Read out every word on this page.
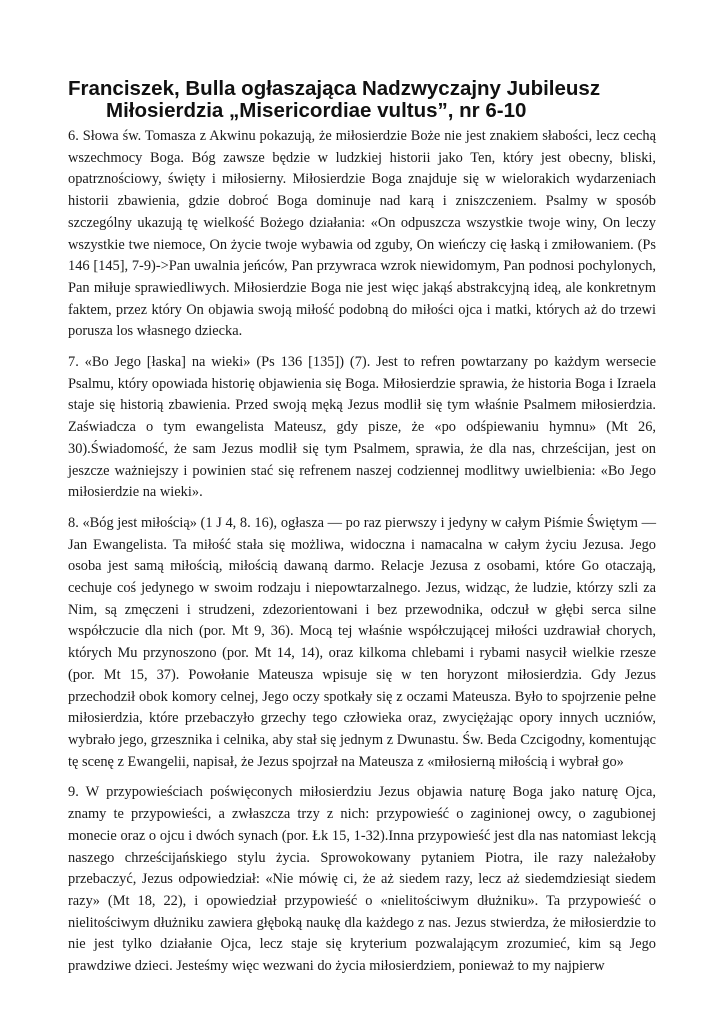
Franciszek, Bulla ogłaszająca Nadzwyczajny Jubileusz
Miłosierdzia „Misericordiae vultus”, nr 6-10

6. Słowa św. Tomasza z Akwinu pokazują, że miłosierdzie Boże nie jest znakiem słabości, lecz cechą wszechmocy Boga. Bóg zawsze będzie w ludzkiej historii jako Ten, który jest obecny, bliski, opatrznościowy, święty i miłosierny. Miłosierdzie Boga znajduje się w wielorakich wydarzeniach historii zbawienia, gdzie dobroć Boga dominuje nad karą i zniszczeniem. Psalmy w sposób szczególny ukazują tę wielkość Bożego działania: «On odpuszcza wszystkie twoje winy, On leczy wszystkie twe niemoce, On życie twoje wybawia od zguby, On wieńczy cię łaską i zmiłowaniem. (Ps 146 [145], 7-9)->Pan uwalnia jeńców, Pan przywraca wzrok niewidomym, Pan podnosi pochylonych, Pan miłuje sprawiedliwych. Miłosierdzie Boga nie jest więc jakąś abstrakcyjną ideą, ale konkretnym faktem, przez który On objawia swoją miłość podobną do miłości ojca i matki, których aż do trzewi porusza los własnego dziecka.

7. «Bo Jego [łaska] na wieki» (Ps 136 [135]) (7). Jest to refren powtarzany po każdym wersecie Psalmu, który opowiada historię objawienia się Boga. Miłosierdzie sprawia, że historia Boga i Izraela staje się historią zbawienia. Przed swoją męką Jezus modlił się tym właśnie Psalmem miłosierdzia. Zaświadcza o tym ewangelista Mateusz, gdy pisze, że «po odśpiewaniu hymnu» (Mt 26, 30).Świadomość, że sam Jezus modlił się tym Psalmem, sprawia, że dla nas, chrześcijan, jest on jeszcze ważniejszy i powinien stać się refrenem naszej codziennej modlitwy uwielbienia: «Bo Jego miłosierdzie na wieki».

8. «Bóg jest miłością» (1 J 4, 8. 16), ogłasza — po raz pierwszy i jedyny w całym Piśmie Świętym — Jan Ewangelista. Ta miłość stała się możliwa, widoczna i namacalna w całym życiu Jezusa. Jego osoba jest samą miłością, miłością dawaną darmo. Relacje Jezusa z osobami, które Go otaczają, cechuje coś jedynego w swoim rodzaju i niepowtarzalnego. Jezus, widząc, że ludzie, którzy szli za Nim, są zmęczeni i strudzeni, zdezorientowani i bez przewodnika, odczuł w głębi serca silne współczucie dla nich (por. Mt 9, 36). Mocą tej właśnie współczującej miłości uzdrawiał chorych, których Mu przynoszono (por. Mt 14, 14), oraz kilkoma chlebami i rybami nasycił wielkie rzesze (por. Mt 15, 37). Powołanie Mateusza wpisuje się w ten horyzont miłosierdzia. Gdy Jezus przechodził obok komory celnej, Jego oczy spotkały się z oczami Mateusza. Było to spojrzenie pełne miłosierdzia, które przebaczyło grzechy tego człowieka oraz, zwyciężając opory innych uczniów, wybrało jego, grzesznika i celnika, aby stał się jednym z Dwunastu. Św. Beda Czcigodny, komentując tę scenę z Ewangelii, napisał, że Jezus spojrzał na Mateusza z «miłosierną miłością i wybrał go»

9. W przypowieściach poświęconych miłosierdziu Jezus objawia naturę Boga jako naturę Ojca, znamy te przypowieści, a zwłaszcza trzy z nich: przypowieść o zaginionej owcy, o zagubionej monecie oraz o ojcu i dwóch synach (por. Łk 15, 1-32).Inna przypowieść jest dla nas natomiast lekcją naszego chrześcijańskiego stylu życia. Sprowokowany pytaniem Piotra, ile razy należałoby przebaczyć, Jezus odpowiedział: «Nie mówię ci, że aż siedem razy, lecz aż siedemdziesiąt siedem razy» (Mt 18, 22), i opowiedział przypowieść o «nielitościwym dłużniku». Ta przypowieść o nielitościwym dłużniku zawiera głęboką naukę dla każdego z nas. Jezus stwierdza, że miłosierdzie to nie jest tylko działanie Ojca, lecz staje się kryterium pozwalającym zrozumieć, kim są Jego prawdziwe dzieci. Jesteśmy więc wezwani do życia miłosierdziem, ponieważ to my najpierw
